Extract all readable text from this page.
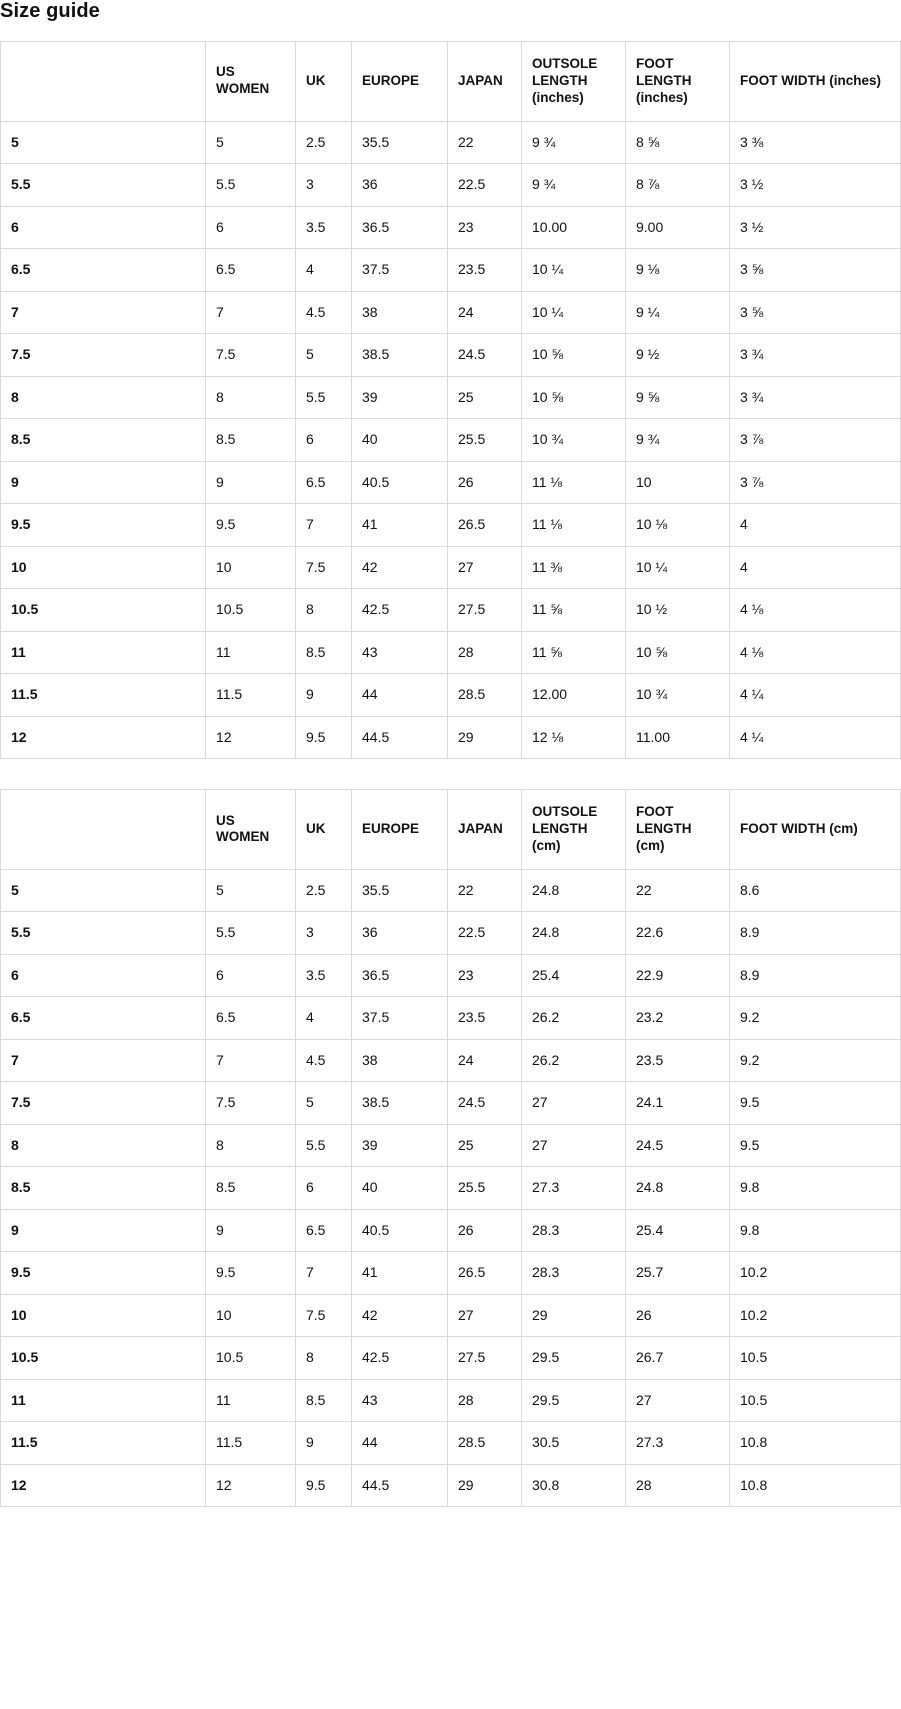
Size guide
	US WOMEN	UK	EUROPE	JAPAN	OUTSOLE LENGTH (inches)	FOOT LENGTH (inches)	FOOT WIDTH (inches)
5	5	2.5	35.5	22	9 ¾	8 ⅝	3 ⅜
5.5	5.5	3	36	22.5	9 ¾	8 ⅞	3 ½
6	6	3.5	36.5	23	10.00	9.00	3 ½
6.5	6.5	4	37.5	23.5	10 ¼	9 ⅛	3 ⅝
7	7	4.5	38	24	10 ¼	9 ¼	3 ⅝
7.5	7.5	5	38.5	24.5	10 ⅝	9 ½	3 ¾
8	8	5.5	39	25	10 ⅝	9 ⅝	3 ¾
8.5	8.5	6	40	25.5	10 ¾	9 ¾	3 ⅞
9	9	6.5	40.5	26	11 ⅛	10	3 ⅞
9.5	9.5	7	41	26.5	11 ⅛	10 ⅛	4
10	10	7.5	42	27	11 ⅜	10 ¼	4
10.5	10.5	8	42.5	27.5	11 ⅝	10 ½	4 ⅛
11	11	8.5	43	28	11 ⅝	10 ⅝	4 ⅛
11.5	11.5	9	44	28.5	12.00	10 ¾	4 ¼
12	12	9.5	44.5	29	12 ⅛	11.00	4 ¼
	US WOMEN	UK	EUROPE	JAPAN	OUTSOLE LENGTH (cm)	FOOT LENGTH (cm)	FOOT WIDTH (cm)
5	5	2.5	35.5	22	24.8	22	8.6
5.5	5.5	3	36	22.5	24.8	22.6	8.9
6	6	3.5	36.5	23	25.4	22.9	8.9
6.5	6.5	4	37.5	23.5	26.2	23.2	9.2
7	7	4.5	38	24	26.2	23.5	9.2
7.5	7.5	5	38.5	24.5	27	24.1	9.5
8	8	5.5	39	25	27	24.5	9.5
8.5	8.5	6	40	25.5	27.3	24.8	9.8
9	9	6.5	40.5	26	28.3	25.4	9.8
9.5	9.5	7	41	26.5	28.3	25.7	10.2
10	10	7.5	42	27	29	26	10.2
10.5	10.5	8	42.5	27.5	29.5	26.7	10.5
11	11	8.5	43	28	29.5	27	10.5
11.5	11.5	9	44	28.5	30.5	27.3	10.8
12	12	9.5	44.5	29	30.8	28	10.8
